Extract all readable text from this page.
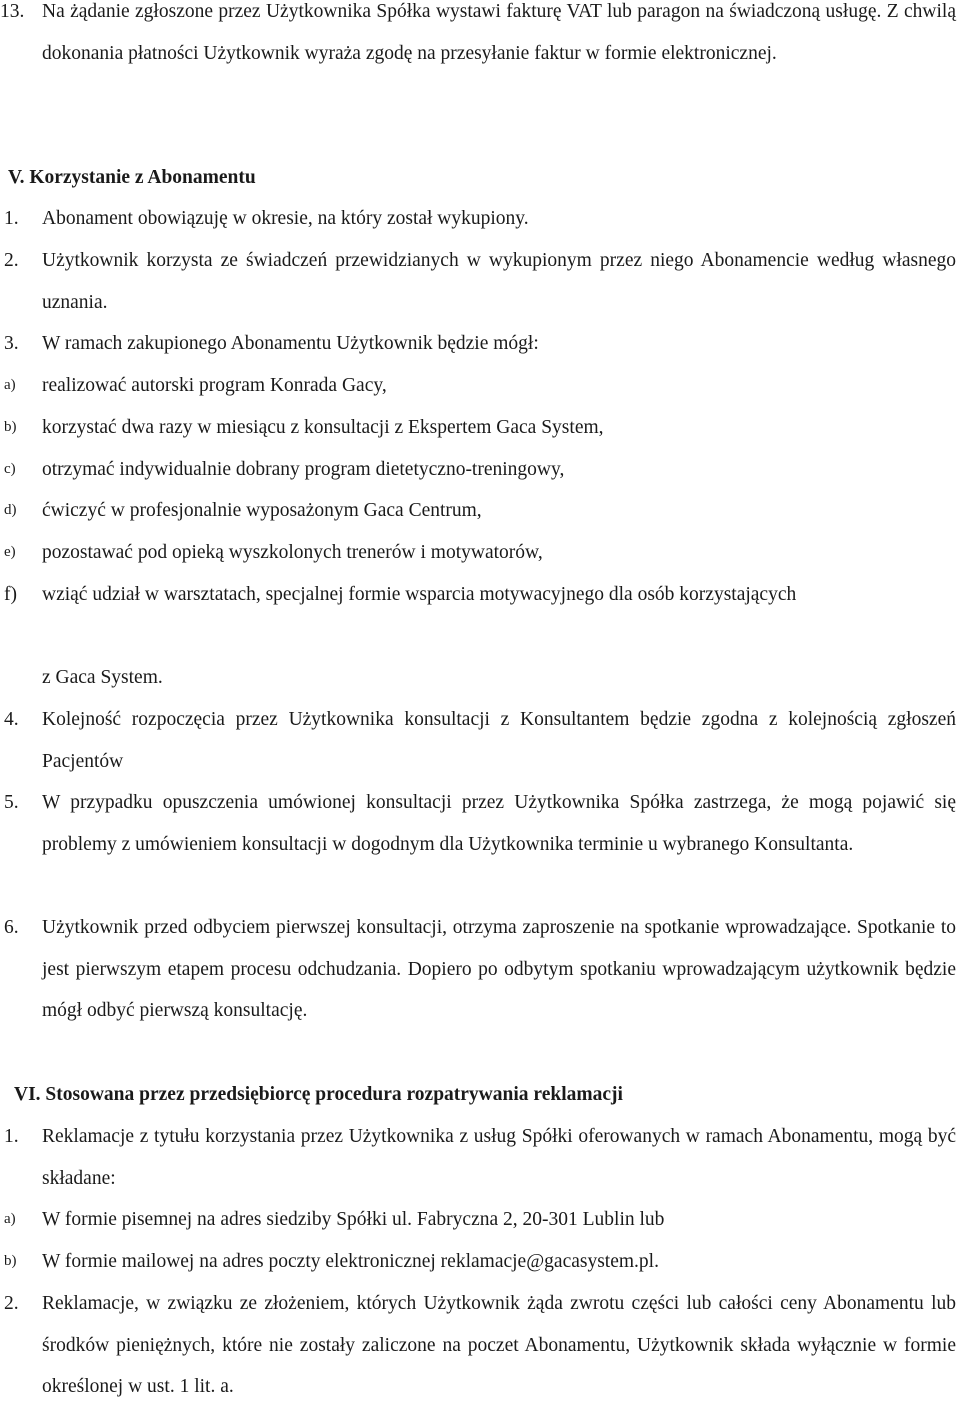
13. Na żądanie zgłoszone przez Użytkownika Spółka wystawi fakturę VAT lub paragon na świadczoną usługę. Z chwilą dokonania płatności Użytkownik wyraża zgodę na przesyłanie faktur w formie elektronicznej.
V. Korzystanie z Abonamentu
1. Abonament obowiązuję w okresie, na który został wykupiony.
2. Użytkownik korzysta ze świadczeń przewidzianych w wykupionym przez niego Abonamencie według własnego uznania.
3. W ramach zakupionego Abonamentu Użytkownik będzie mógł:
a) realizować autorski program Konrada Gacy,
b) korzystać dwa razy w miesiącu z konsultacji z Ekspertem Gaca System,
c) otrzymać indywidualnie dobrany program dietetyczno-treningowy,
d) ćwiczyć w profesjonalnie wyposażonym Gaca Centrum,
e) pozostawać pod opieką wyszkolonych trenerów i motywatorów,
f) wziąć udział w warsztatach, specjalnej formie wsparcia motywacyjnego dla osób korzystających
z Gaca System.
4. Kolejność rozpoczęcia przez Użytkownika konsultacji z Konsultantem będzie zgodna z kolejnością zgłoszeń Pacjentów
5. W przypadku opuszczenia umówionej konsultacji przez Użytkownika Spółka zastrzega, że mogą pojawić się problemy z umówieniem konsultacji w dogodnym dla Użytkownika terminie u wybranego Konsultanta.
6. Użytkownik przed odbyciem pierwszej konsultacji, otrzyma zaproszenie na spotkanie wprowadzające. Spotkanie to jest pierwszym etapem procesu odchudzania. Dopiero po odbytym spotkaniu wprowadzającym użytkownik będzie mógł odbyć pierwszą konsultację.
VI. Stosowana przez przedsiębiorcę procedura rozpatrywania reklamacji
1. Reklamacje z tytułu korzystania przez Użytkownika z usług Spółki oferowanych w ramach Abonamentu, mogą być składane:
a) W formie pisemnej na adres siedziby Spółki ul. Fabryczna 2, 20-301 Lublin lub
b) W formie mailowej na adres poczty elektronicznej reklamacje@gacasystem.pl.
2. Reklamacje, w związku ze złożeniem, których Użytkownik żąda zwrotu części lub całości ceny Abonamentu lub środków pieniężnych, które nie zostały zaliczone na poczet Abonamentu, Użytkownik składa wyłącznie w formie określonej w ust. 1 lit. a.
